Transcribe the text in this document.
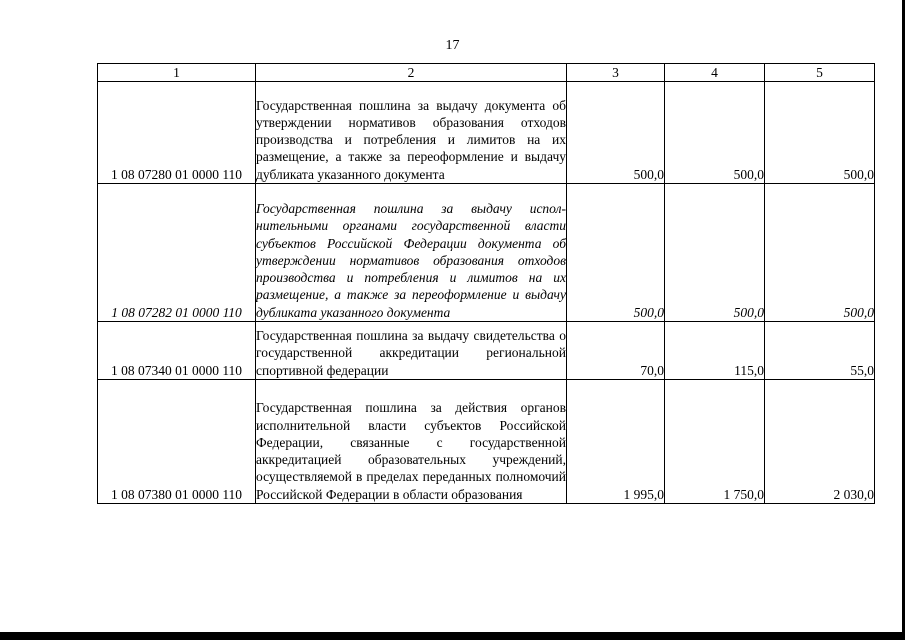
17
1	2	3	4	5
1 08 07280 01 0000 110	Государственная пошлина за выдачу документа об утверждении нормативов образования отходов производства и потребления и лимитов на их размещение, а также за переоформление и выдачу дубликата указанного документа	500,0	500,0	500,0
1 08 07282 01 0000 110	Государственная пошлина за выдачу исполнительными органами государственной власти субъектов Российской Федерации документа об утверждении нормативов образования отходов производства и потребления и лимитов на их размещение, а также за переоформление и выдачу дубликата указанного документа	500,0	500,0	500,0
1 08 07340 01 0000 110	Государственная пошлина за выдачу свидетельства о государственной аккредитации региональной спортивной федерации	70,0	115,0	55,0
1 08 07380 01 0000 110	Государственная пошлина за действия органов исполнительной власти субъектов Российской Федерации, связанные с государственной аккредитацией образовательных учреждений, осуществляемой в пределах переданных полномочий Российской Федерации в области образования	1 995,0	1 750,0	2 030,0
